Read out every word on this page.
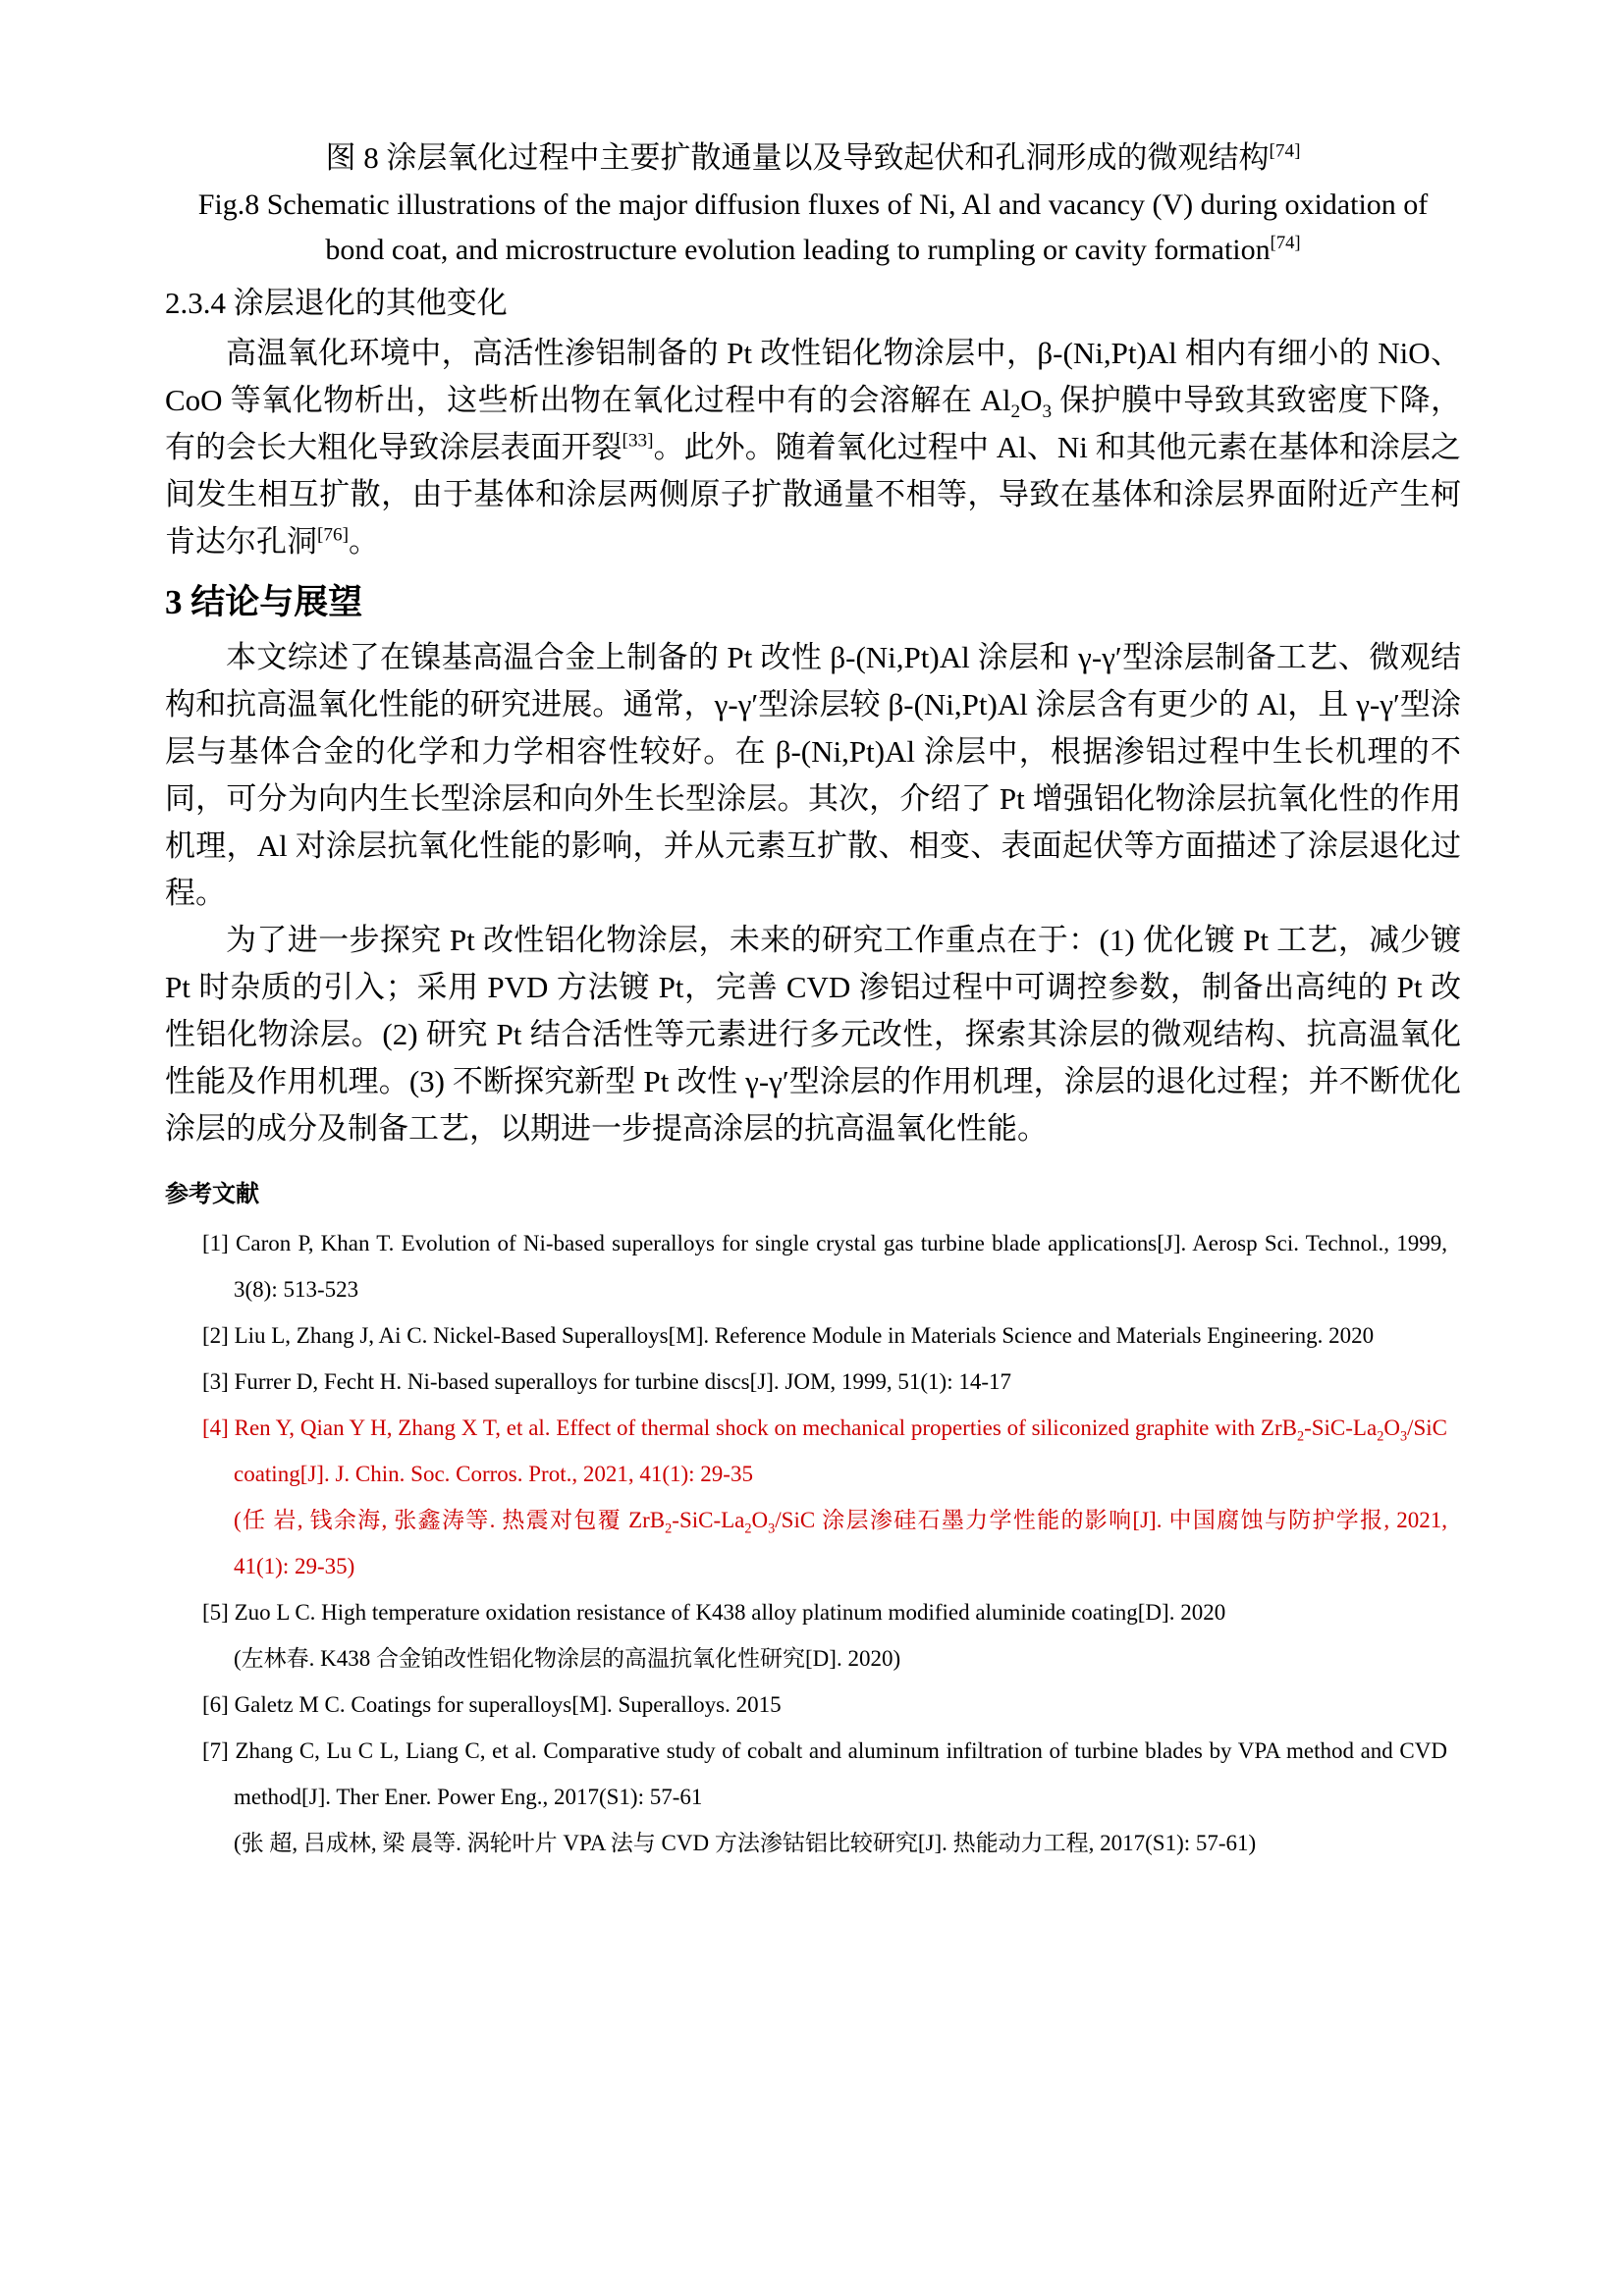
图 8 涂层氧化过程中主要扩散通量以及导致起伏和孔洞形成的微观结构[74]
Fig.8 Schematic illustrations of the major diffusion fluxes of Ni, Al and vacancy (V) during oxidation of bond coat, and microstructure evolution leading to rumpling or cavity formation[74]
2.3.4 涂层退化的其他变化

高温氧化环境中，高活性渗铝制备的 Pt 改性铝化物涂层中，β-(Ni,Pt)Al 相内有细小的 NiO、CoO 等氧化物析出，这些析出物在氧化过程中有的会溶解在 $Al_2O_3$ 保护膜中导致其致密度下降，有的会长大粗化导致涂层表面开裂[33]。此外。随着氧化过程中 Al、Ni 和其他元素在基体和涂层之间发生相互扩散，由于基体和涂层两侧原子扩散通量不相等，导致在基体和涂层界面附近产生柯肯达尔孔洞[76]。

3 结论与展望

本文综述了在镍基高温合金上制备的 Pt 改性 β-(Ni,Pt)Al 涂层和 γ-γ′型涂层制备工艺、微观结构和抗高温氧化性能的研究进展。通常，γ-γ′型涂层较 β-(Ni,Pt)Al 涂层含有更少的 Al，且 γ-γ′型涂层与基体合金的化学和力学相容性较好。在 β-(Ni,Pt)Al 涂层中，根据渗铝过程中生长机理的不同，可分为向内生长型涂层和向外生长型涂层。其次，介绍了 Pt 增强铝化物涂层抗氧化性的作用机理，Al 对涂层抗氧化性能的影响，并从元素互扩散、相变、表面起伏等方面描述了涂层退化过程。

为了进一步探究 Pt 改性铝化物涂层，未来的研究工作重点在于：(1) 优化镀 Pt 工艺，减少镀 Pt 时杂质的引入；采用 PVD 方法镀 Pt，完善 CVD 渗铝过程中可调控参数，制备出高纯的 Pt 改性铝化物涂层。(2) 研究 Pt 结合活性等元素进行多元改性，探索其涂层的微观结构、抗高温氧化性能及作用机理。(3) 不断探究新型 Pt 改性 γ-γ′型涂层的作用机理，涂层的退化过程；并不断优化涂层的成分及制备工艺，以期进一步提高涂层的抗高温氧化性能。

参考文献

[1] Caron P, Khan T. Evolution of Ni-based superalloys for single crystal gas turbine blade applications[J]. Aerosp Sci. Technol., 1999, 3(8): 513-523

[2] Liu L, Zhang J, Ai C. Nickel-Based Superalloys[M]. Reference Module in Materials Science and Materials Engineering. 2020

[3] Furrer D, Fecht H. Ni-based superalloys for turbine discs[J]. JOM, 1999, 51(1): 14-17

[4] Ren Y, Qian Y H, Zhang X T, et al. Effect of thermal shock on mechanical properties of siliconized graphite with $ZrB_2-SiC-La_2O_3$/SiC coating[J]. J. Chin. Soc. Corros. Prot., 2021, 41(1): 29-35

(任 岩, 钱余海, 张鑫涛等. 热震对包覆 $ZrB_2-SiC-La_2O_3$/SiC 涂层渗硅石墨力学性能的影响[J]. 中国腐蚀与防护学报, 2021, 41(1): 29-35)

[5] Zuo L C. High temperature oxidation resistance of K438 alloy platinum modified aluminide coating[D]. 2020

(左林春. K438 合金铂改性铝化物涂层的高温抗氧化性研究[D]. 2020)

[6] Galetz M C. Coatings for superalloys[M]. Superalloys. 2015

[7] Zhang C, Lu C L, Liang C, et al. Comparative study of cobalt and aluminum infiltration of turbine blades by VPA method and CVD method[J]. Ther Ener. Power Eng., 2017(S1): 57-61

(张 超, 吕成林, 梁 晨等. 涡轮叶片 VPA 法与 CVD 方法渗钴铝比较研究[J]. 热能动力工程, 2017(S1): 57-61)
